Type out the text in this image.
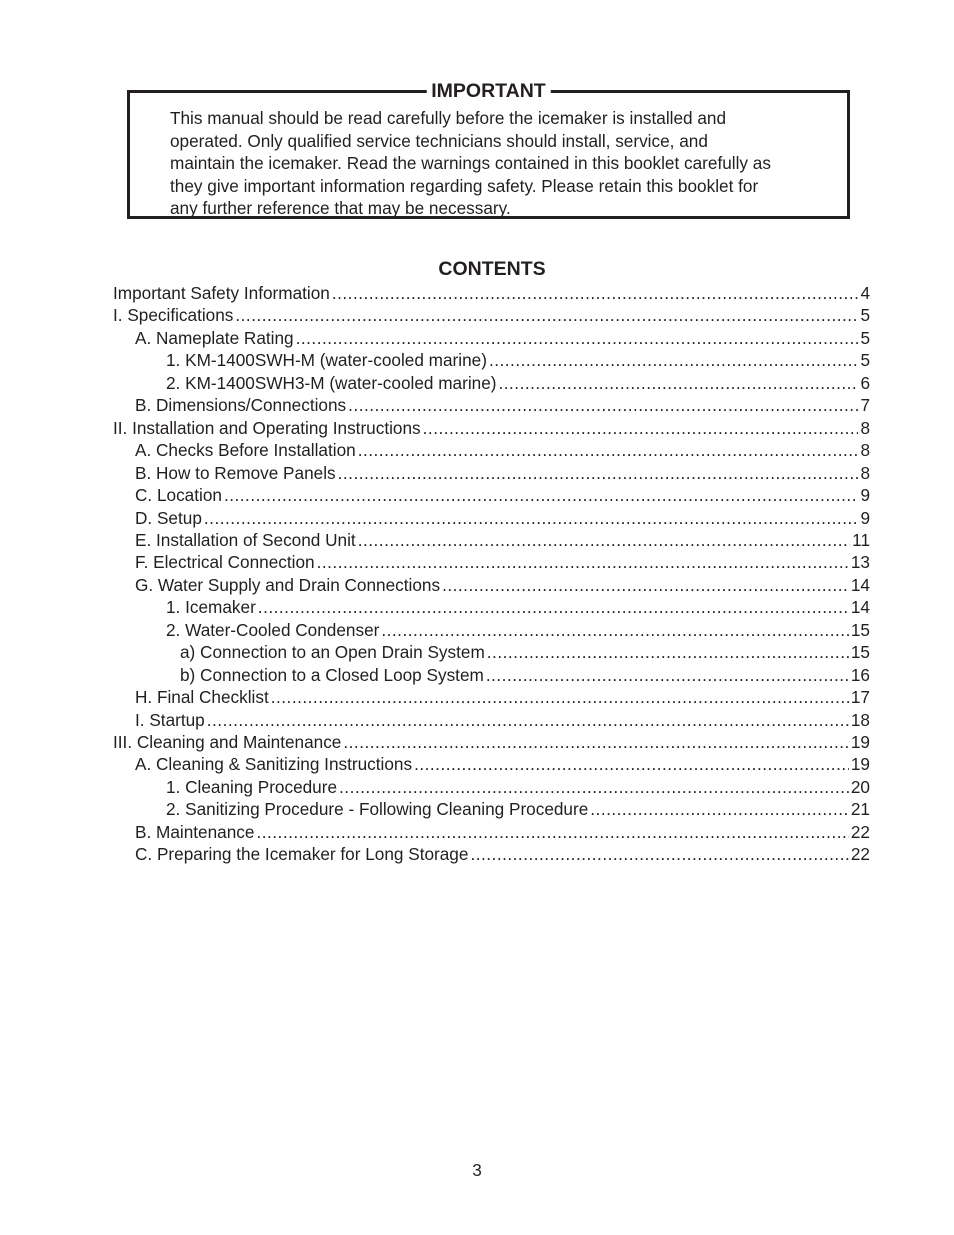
IMPORTANT
This manual should be read carefully before the icemaker is installed and
operated. Only qualified service technicians should install, service, and
maintain the icemaker. Read the warnings contained in this booklet carefully as
they give important information regarding safety. Please retain this booklet for
any further reference that may be necessary.
CONTENTS
Important Safety Information .....	4
I. Specifications .....	5
A. Nameplate Rating .....	5
1. KM-1400SWH-M (water-cooled marine) .....	5
2. KM-1400SWH3-M (water-cooled marine) .....	6
B. Dimensions/Connections .....	7
II. Installation and Operating Instructions .....	8
A. Checks Before Installation .....	8
B. How to Remove Panels .....	8
C. Location .....	9
D. Setup .....	9
E. Installation of Second Unit .....	11
F. Electrical Connection .....	13
G. Water Supply and Drain Connections .....	14
1. Icemaker .....	14
2. Water-Cooled Condenser .....	15
a) Connection to an Open Drain System .....	15
b) Connection to a Closed Loop System .....	16
H. Final Checklist .....	17
I. Startup .....	18
III. Cleaning and Maintenance .....	19
A. Cleaning & Sanitizing Instructions .....	19
1. Cleaning Procedure .....	20
2. Sanitizing Procedure - Following Cleaning Procedure .....	21
B. Maintenance .....	22
C. Preparing the Icemaker for Long Storage .....	22
3
